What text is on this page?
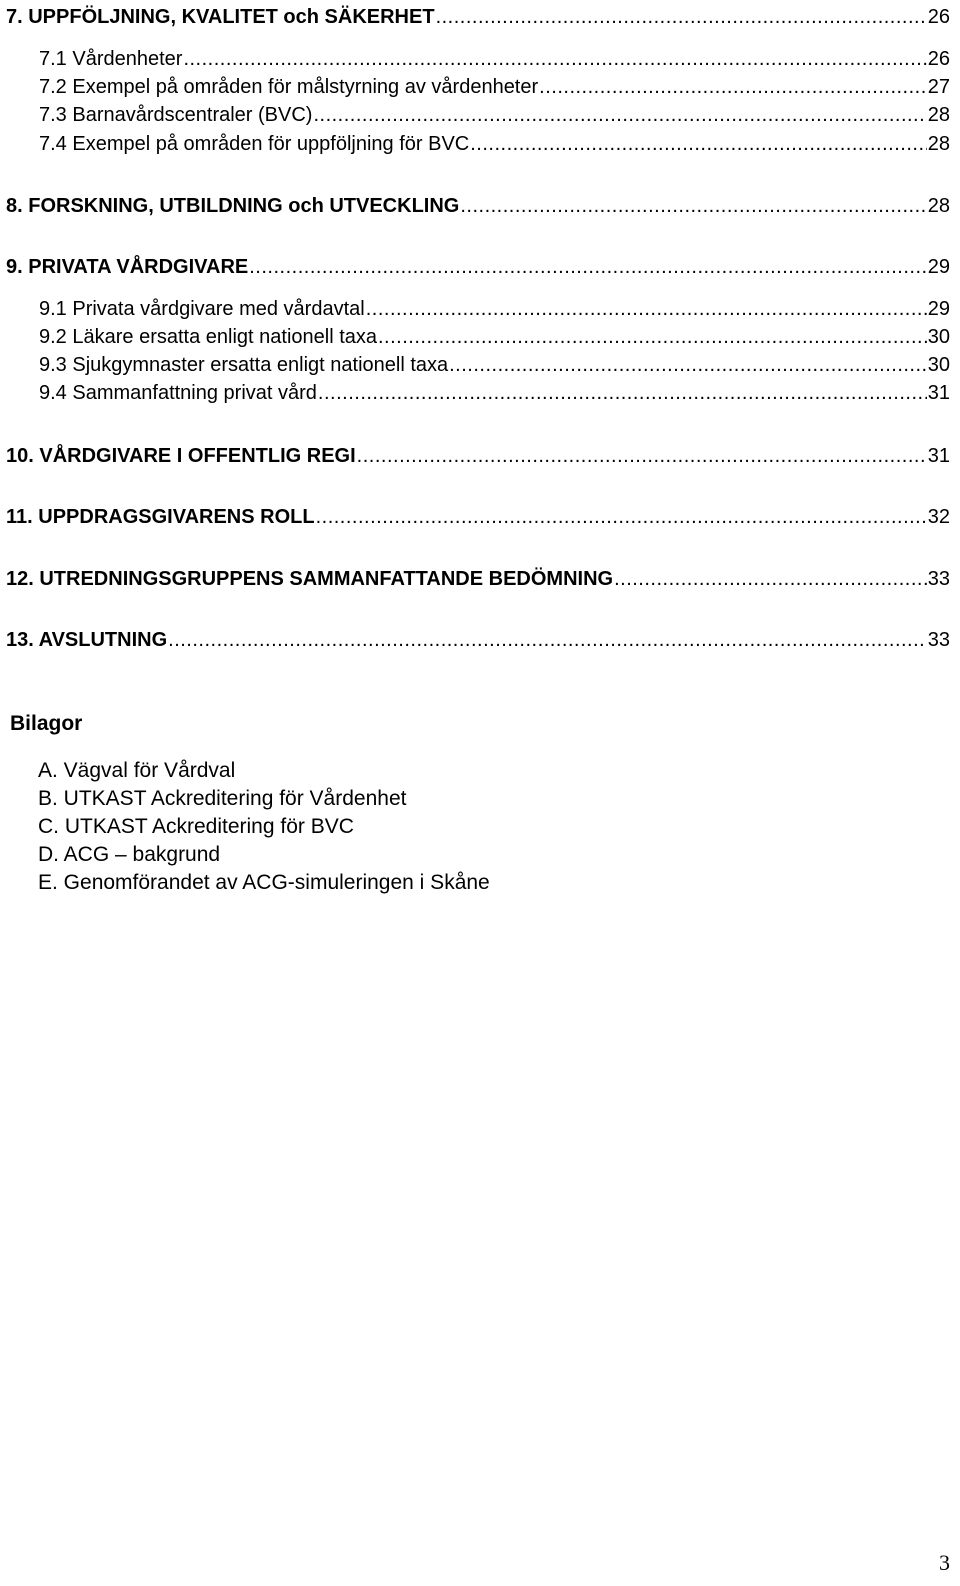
7. UPPFÖLJNING, KVALITET och SÄKERHET .....	26
7.1 Vårdenheter .....	26
7.2 Exempel på områden för målstyrning av vårdenheter .....	27
7.3 Barnavårdscentraler (BVC) .....	28
7.4 Exempel på områden för uppföljning för BVC .....	28
8. FORSKNING, UTBILDNING och UTVECKLING .....	28
9. PRIVATA VÅRDGIVARE .....	29
9.1 Privata vårdgivare med vårdavtal .....	29
9.2 Läkare ersatta enligt nationell taxa .....	30
9.3 Sjukgymnaster ersatta enligt nationell taxa .....	30
9.4 Sammanfattning privat vård .....	31
10. VÅRDGIVARE I OFFENTLIG REGI .....	31
11. UPPDRAGSGIVARENS ROLL .....	32
12. UTREDNINGSGRUPPENS SAMMANFATTANDE BEDÖMNING .....	33
13. AVSLUTNING .....	33
Bilagor
A. Vägval för Vårdval
B. UTKAST Ackreditering för Vårdenhet
C. UTKAST Ackreditering för BVC
D. ACG – bakgrund
E. Genomförandet av ACG-simuleringen i Skåne
3
